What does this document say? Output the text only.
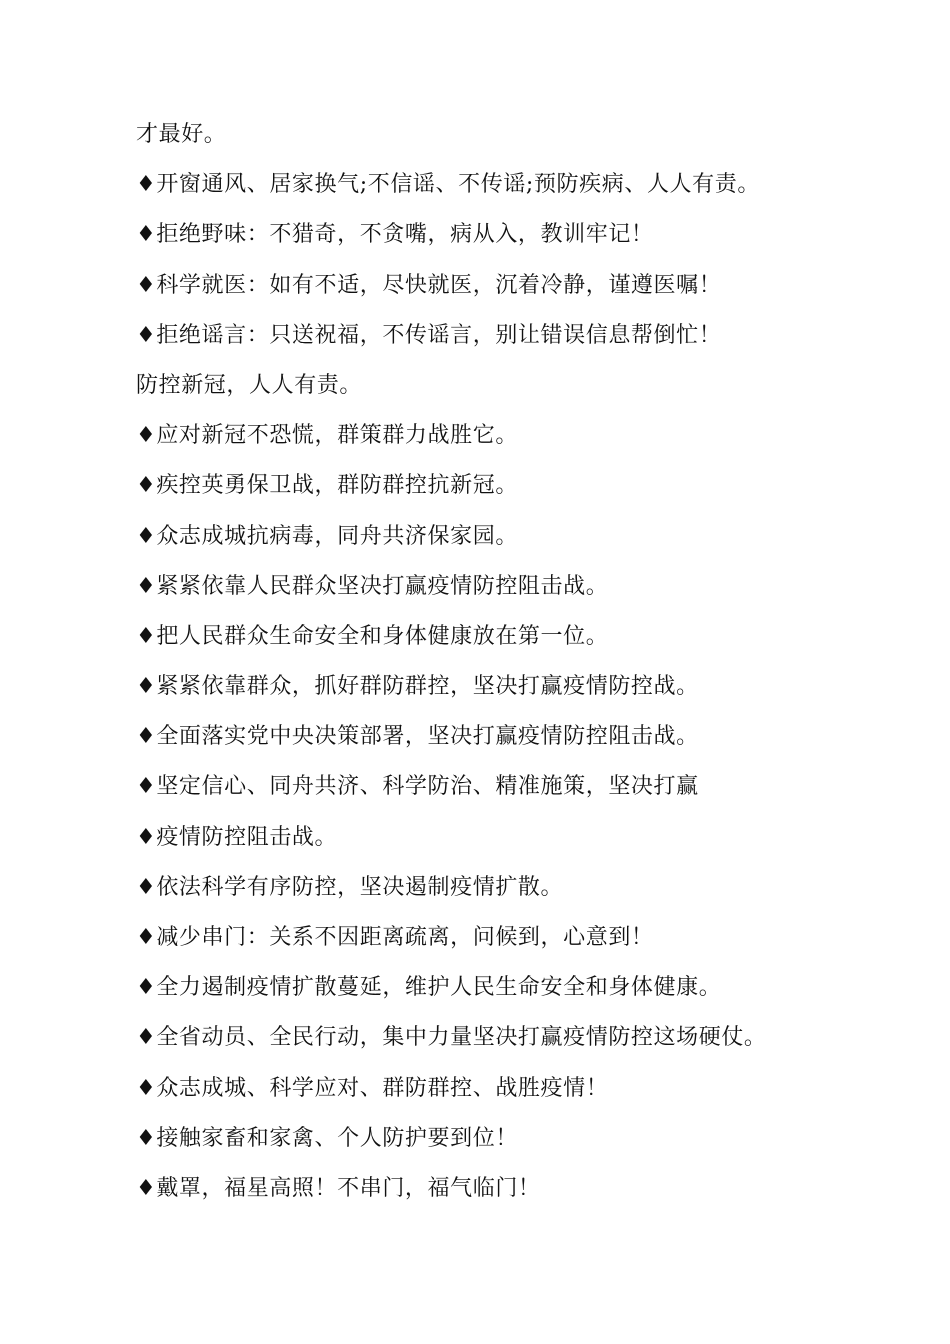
才最好。
♦开窗通风、居家换气;不信谣、不传谣;预防疾病、人人有责。
♦拒绝野味：不猎奇，不贪嘴，病从入，教训牢记！
♦科学就医：如有不适，尽快就医，沉着冷静，谨遵医嘱！
♦拒绝谣言：只送祝福，不传谣言，别让错误信息帮倒忙！
防控新冠，人人有责。
♦应对新冠不恐慌，群策群力战胜它。
♦疾控英勇保卫战，群防群控抗新冠。
♦众志成城抗病毒，同舟共济保家园。
♦紧紧依靠人民群众坚决打赢疫情防控阻击战。
♦把人民群众生命安全和身体健康放在第一位。
♦紧紧依靠群众，抓好群防群控，坚决打赢疫情防控战。
♦全面落实党中央决策部署，坚决打赢疫情防控阻击战。
♦坚定信心、同舟共济、科学防治、精准施策，坚决打赢
♦疫情防控阻击战。
♦依法科学有序防控，坚决遏制疫情扩散。
♦减少串门：关系不因距离疏离，问候到，心意到！
♦全力遏制疫情扩散蔓延，维护人民生命安全和身体健康。
♦全省动员、全民行动，集中力量坚决打赢疫情防控这场硬仗。
♦众志成城、科学应对、群防群控、战胜疫情！
♦接触家畜和家禽、个人防护要到位！
♦戴罩，福星高照！不串门，福气临门！
